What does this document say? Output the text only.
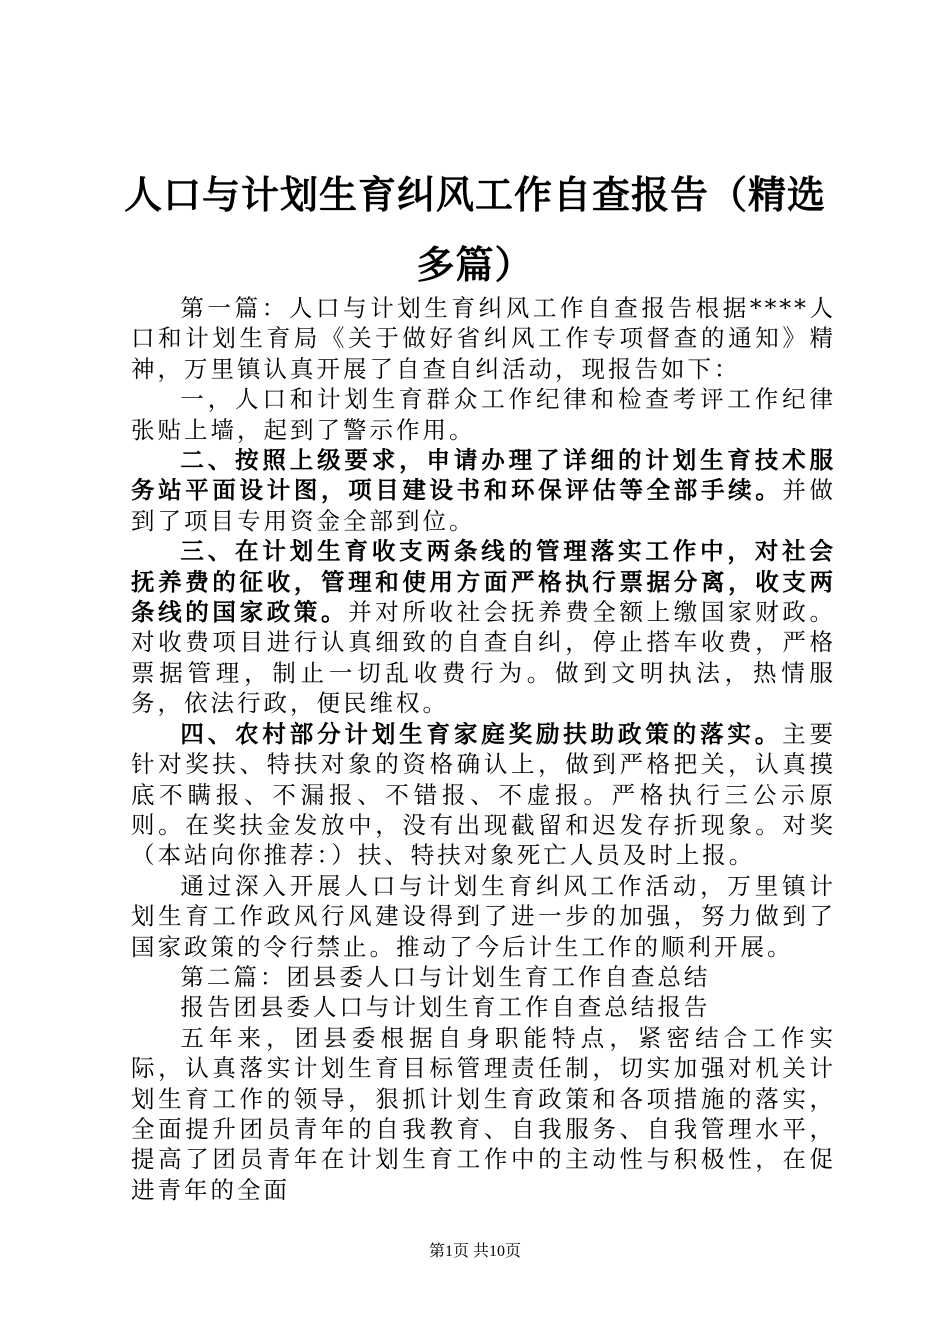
人口与计划生育纠风工作自查报告（精选多篇）

第一篇：人口与计划生育纠风工作自查报告根据****人口和计划生育局《关于做好省纠风工作专项督查的通知》精神，万里镇认真开展了自查自纠活动，现报告如下：

一，人口和计划生育群众工作纪律和检查考评工作纪律张贴上墙，起到了警示作用。

二、按照上级要求，申请办理了详细的计划生育技术服务站平面设计图，项目建设书和环保评估等全部手续。并做到了项目专用资金全部到位。

三、在计划生育收支两条线的管理落实工作中，对社会抚养费的征收，管理和使用方面严格执行票据分离，收支两条线的国家政策。并对所收社会抚养费全额上缴国家财政。对收费项目进行认真细致的自查自纠，停止搭车收费，严格票据管理，制止一切乱收费行为。做到文明执法，热情服务，依法行政，便民维权。

四、农村部分计划生育家庭奖励扶助政策的落实。主要针对奖扶、特扶对象的资格确认上，做到严格把关，认真摸底不瞒报、不漏报、不错报、不虚报。严格执行三公示原则。在奖扶金发放中，没有出现截留和迟发存折现象。对奖（本站向你推荐：）扶、特扶对象死亡人员及时上报。

通过深入开展人口与计划生育纠风工作活动，万里镇计划生育工作政风行风建设得到了进一步的加强，努力做到了国家政策的令行禁止。推动了今后计生工作的顺利开展。

第二篇：团县委人口与计划生育工作自查总结

报告团县委人口与计划生育工作自查总结报告

五年来，团县委根据自身职能特点，紧密结合工作实际，认真落实计划生育目标管理责任制，切实加强对机关计划生育工作的领导，狠抓计划生育政策和各项措施的落实，全面提升团员青年的自我教育、自我服务、自我管理水平，提高了团员青年在计划生育工作中的主动性与积极性，在促进青年的全面

第1页 共10页
